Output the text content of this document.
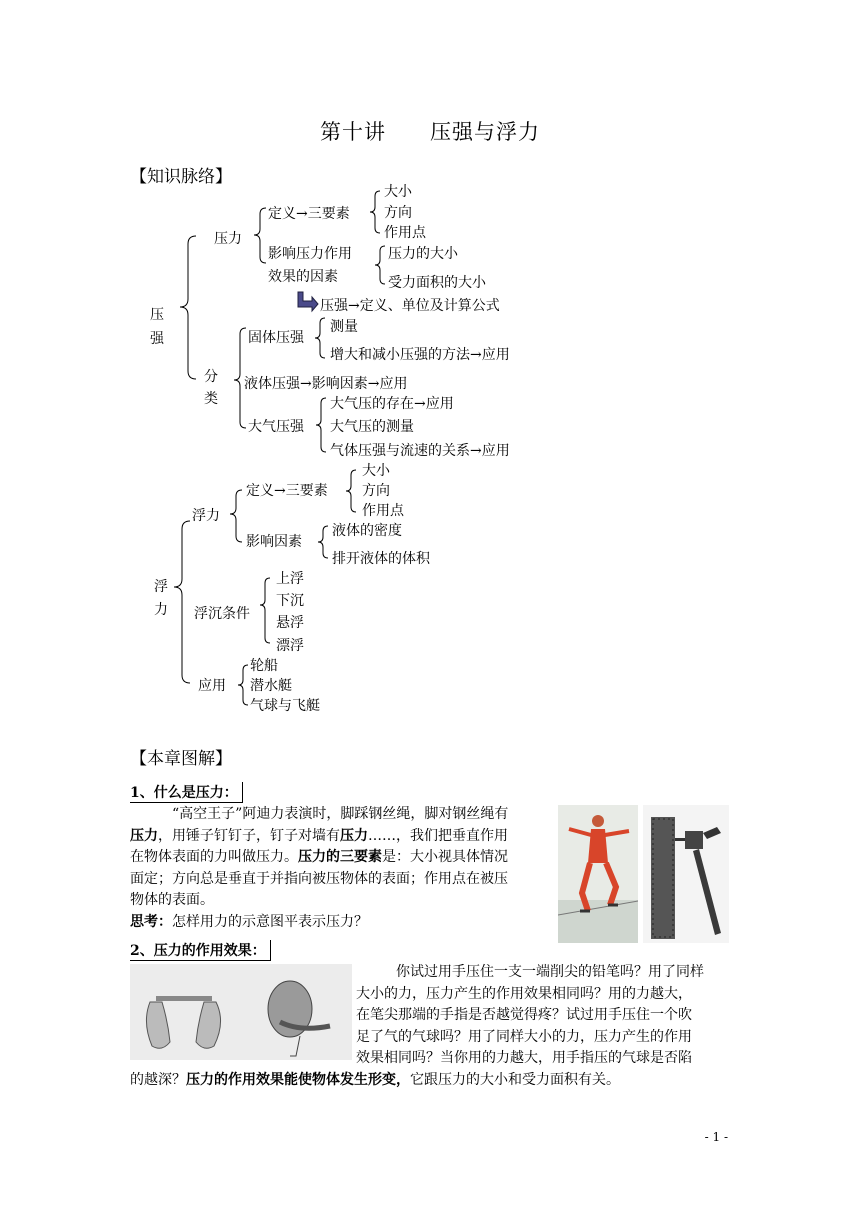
第十讲　　压强与浮力
【知识脉络】
压
强
压力
定义→三要素
大小
方向
作用点
影响压力作用
效果的因素
压力的大小
受力面积的大小
压强→定义、单位及计算公式
分
类
固体压强
测量
增大和减小压强的方法→应用
液体压强→影响因素→应用
大气压强
大气压的存在→应用
大气压的测量
气体压强与流速的关系→应用
浮
力
浮力
定义→三要素
大小
方向
作用点
影响因素
液体的密度
排开液体的体积
浮沉条件
上浮
下沉
悬浮
漂浮
应用
轮船
潜水艇
气球与飞艇
【本章图解】
1、什么是压力：
“高空王子”阿迪力表演时，脚踩钢丝绳，脚对钢丝绳有
压力，用锤子钉钉子，钉子对墙有压力……，我们把垂直作用
在物体表面的力叫做压力。压力的三要素是：大小视具体情况
面定；方向总是垂直于并指向被压物体的表面；作用点在被压
物体的表面。
思考：怎样用力的示意图平表示压力？
2、压力的作用效果：
你试过用手压住一支一端削尖的铅笔吗？用了同样
大小的力，压力产生的作用效果相同吗？用的力越大，
在笔尖那端的手指是否越觉得疼？试过用手压住一个吹
足了气的气球吗？用了同样大小的力，压力产生的作用
效果相同吗？当你用的力越大，用手指压的气球是否陷
的越深？压力的作用效果能使物体发生形变，它跟压力的大小和受力面积有关。
- 1 -
